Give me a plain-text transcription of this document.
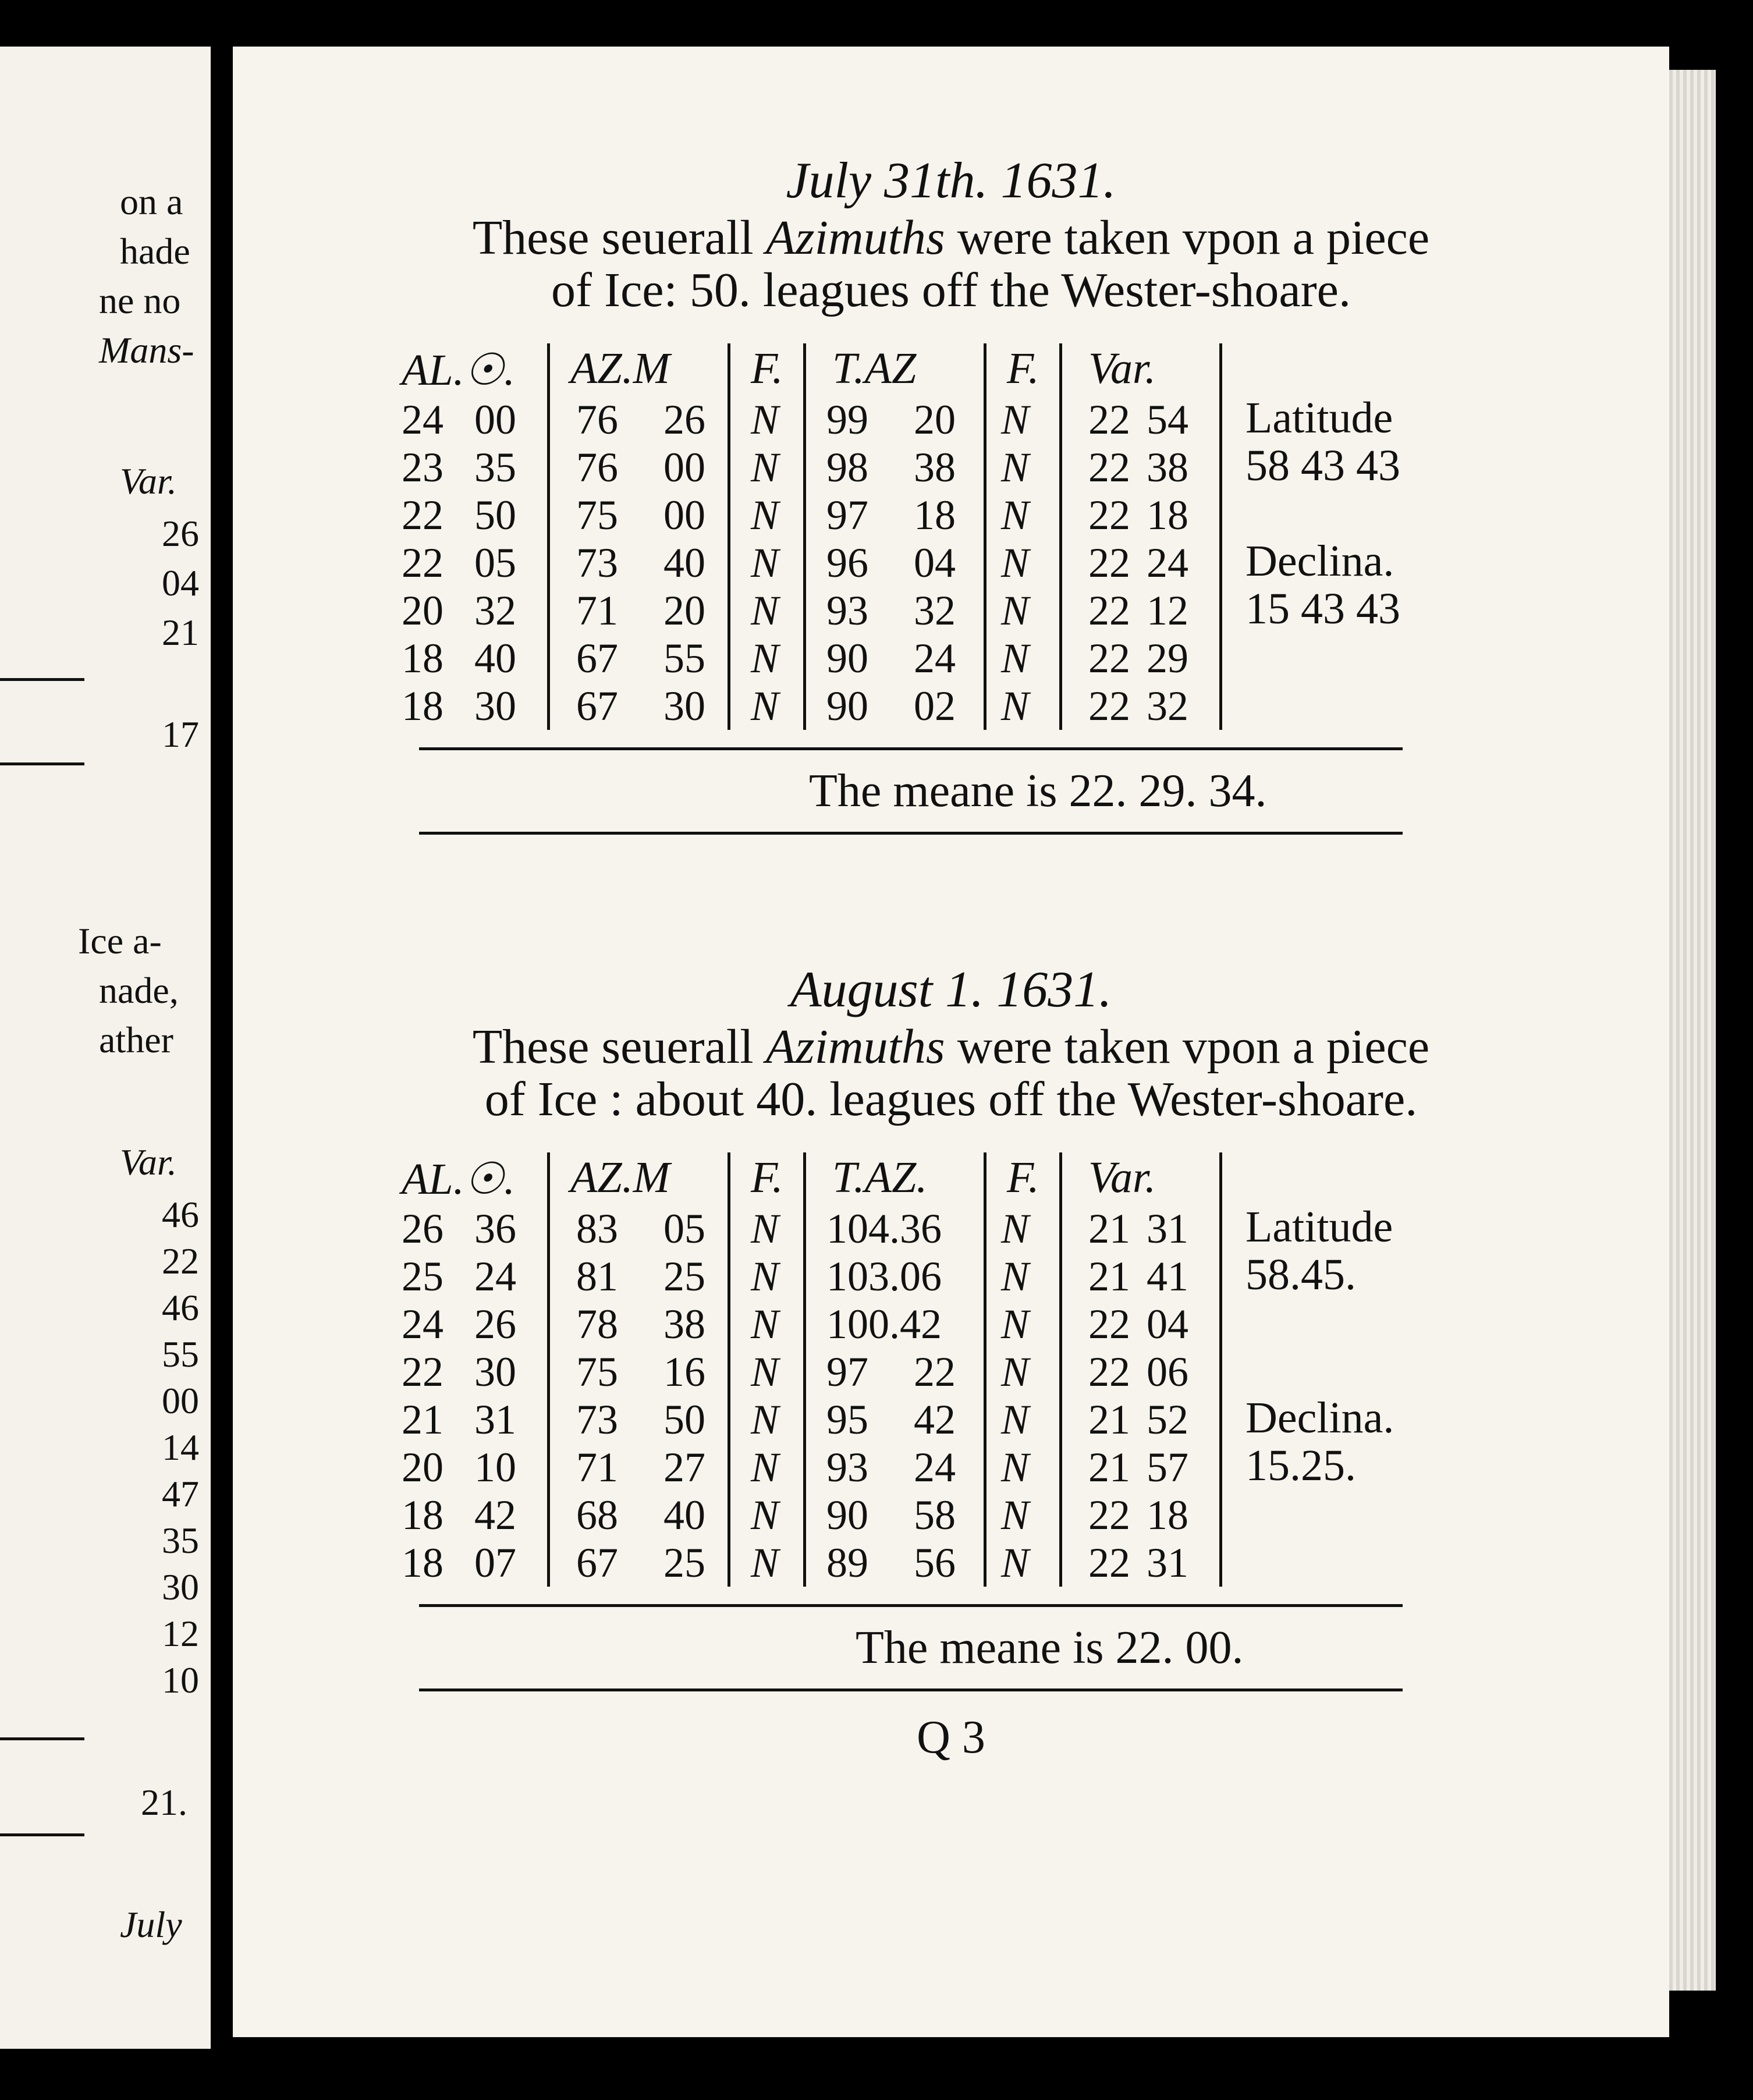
on a
hade
ne no
Mans-
Var.
26
04
21
17
Ice a-
nade,
ather
Var.
46
22
46
55
00
14
47
35
30
12
10
21.
July
July 31th. 1631.
These seuerall Azimuths were taken vpon a piece
of Ice: 50. leagues off the Wester-shoare.
AL.☉. AZ.M F. T.AZ F. Var.
24 00 76 26 N 99 20 N 22 54
23 35 76 00 N 98 38 N 22 38
22 50 75 00 N 97 18 N 22 18
22 05 73 40 N 96 04 N 22 24
20 32 71 20 N 93 32 N 22 12
18 40 67 55 N 90 24 N 22 29
18 30 67 30 N 90 02 N 22 32
Latitude
58 43 43
Declina.
15 43 43
The meane is 22. 29. 34.
August 1. 1631.
These seuerall Azimuths were taken vpon a piece
of Ice : about 40. leagues off the Wester-shoare.
AL.☉. AZ.M F. T.AZ. F. Var.
26 36 83 05 N 104.36 N 21 31
25 24 81 25 N 103.06 N 21 41
24 26 78 38 N 100.42 N 22 04
22 30 75 16 N 97 22 N 22 06
21 31 73 50 N 95 42 N 21 52
20 10 71 27 N 93 24 N 21 57
18 42 68 40 N 90 58 N 22 18
18 07 67 25 N 89 56 N 22 31
Latitude
58.45.
Declina.
15.25.
The meane is 22. 00.
Q 3
